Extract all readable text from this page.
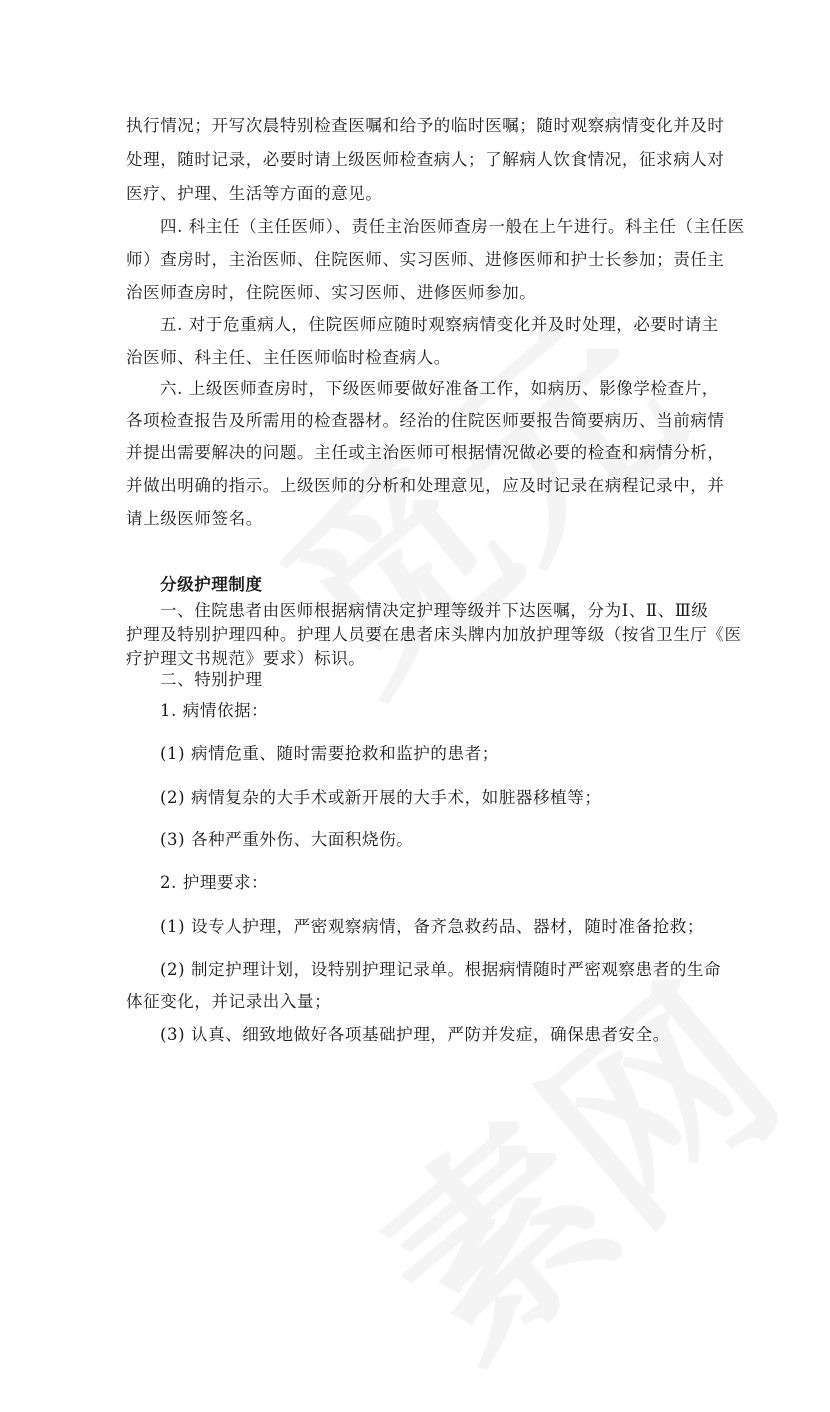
执行情况；开写次晨特别检查医嘱和给予的临时医嘱；随时观察病情变化并及时
处理，随时记录，必要时请上级医师检查病人；了解病人饮食情况，征求病人对
医疗、护理、生活等方面的意见。
四. 科主任（主任医师）、责任主治医师查房一般在上午进行。科主任（主任医
师）查房时，主治医师、住院医师、实习医师、进修医师和护士长参加；责任主
治医师查房时，住院医师、实习医师、进修医师参加。
五. 对于危重病人，住院医师应随时观察病情变化并及时处理，必要时请主
治医师、科主任、主任医师临时检查病人。
六. 上级医师查房时，下级医师要做好准备工作，如病历、影像学检查片，
各项检查报告及所需用的检查器材。经治的住院医师要报告简要病历、当前病情
并提出需要解决的问题。主任或主治医师可根据情况做必要的检查和病情分析，
并做出明确的指示。上级医师的分析和处理意见，应及时记录在病程记录中，并
请上级医师签名。
分级护理制度
一、住院患者由医师根据病情决定护理等级并下达医嘱，分为Ⅰ、Ⅱ、Ⅲ级
护理及特别护理四种。护理人员要在患者床头牌内加放护理等级（按省卫生厅《医
疗护理文书规范》要求）标识。
二、特别护理
1. 病情依据：
(1) 病情危重、随时需要抢救和监护的患者；
(2) 病情复杂的大手术或新开展的大手术，如脏器移植等；
(3) 各种严重外伤、大面积烧伤。
2. 护理要求：
(1) 设专人护理，严密观察病情，备齐急救药品、器材，随时准备抢救；
(2) 制定护理计划，设特别护理记录单。根据病情随时严密观察患者的生命
体征变化，并记录出入量；
(3) 认真、细致地做好各项基础护理，严防并发症，确保患者安全。
